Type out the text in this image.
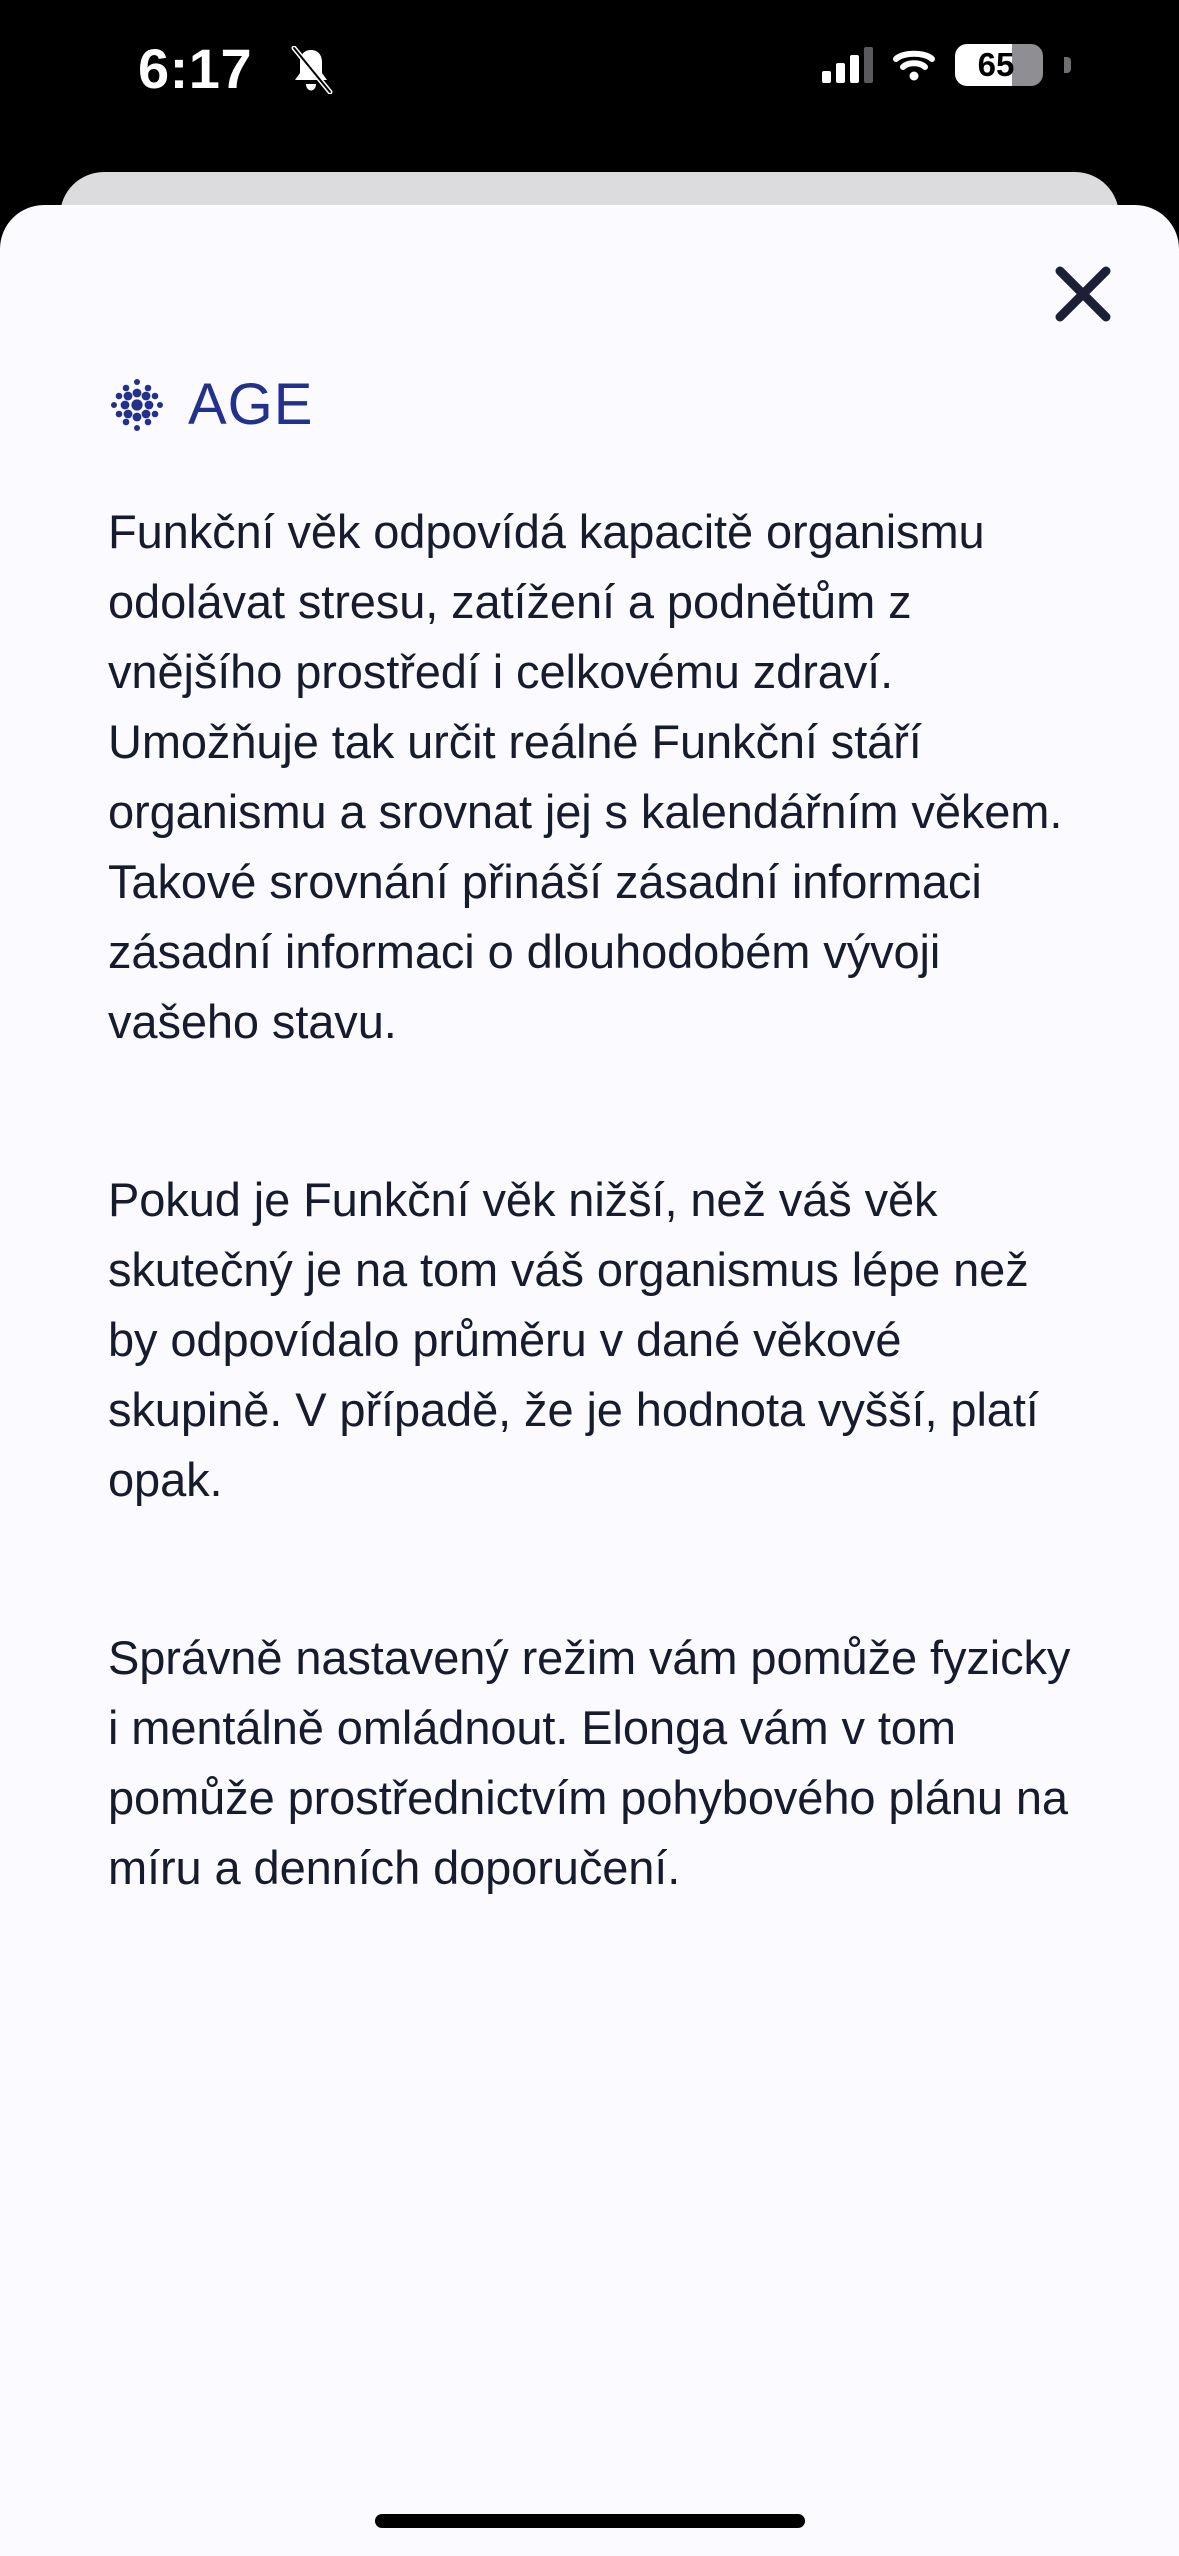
6:17	65
AGE

Funkční věk odpovídá kapacitě organismu odolávat stresu, zatížení a podnětům z vnějšího prostředí i celkovému zdraví. Umožňuje tak určit reálné Funkční stáří organismu a srovnat jej s kalendářním věkem. Takové srovnání přináší zásadní informaci zásadní informaci o dlouhodobém vývoji vašeho stavu.

Pokud je Funkční věk nižší, než váš věk skutečný je na tom váš organismus lépe než by odpovídalo průměru v dané věkové skupině. V případě, že je hodnota vyšší, platí opak.

Správně nastavený režim vám pomůže fyzicky i mentálně omládnout. Elonga vám v tom pomůže prostřednictvím pohybového plánu na míru a denních doporučení.
